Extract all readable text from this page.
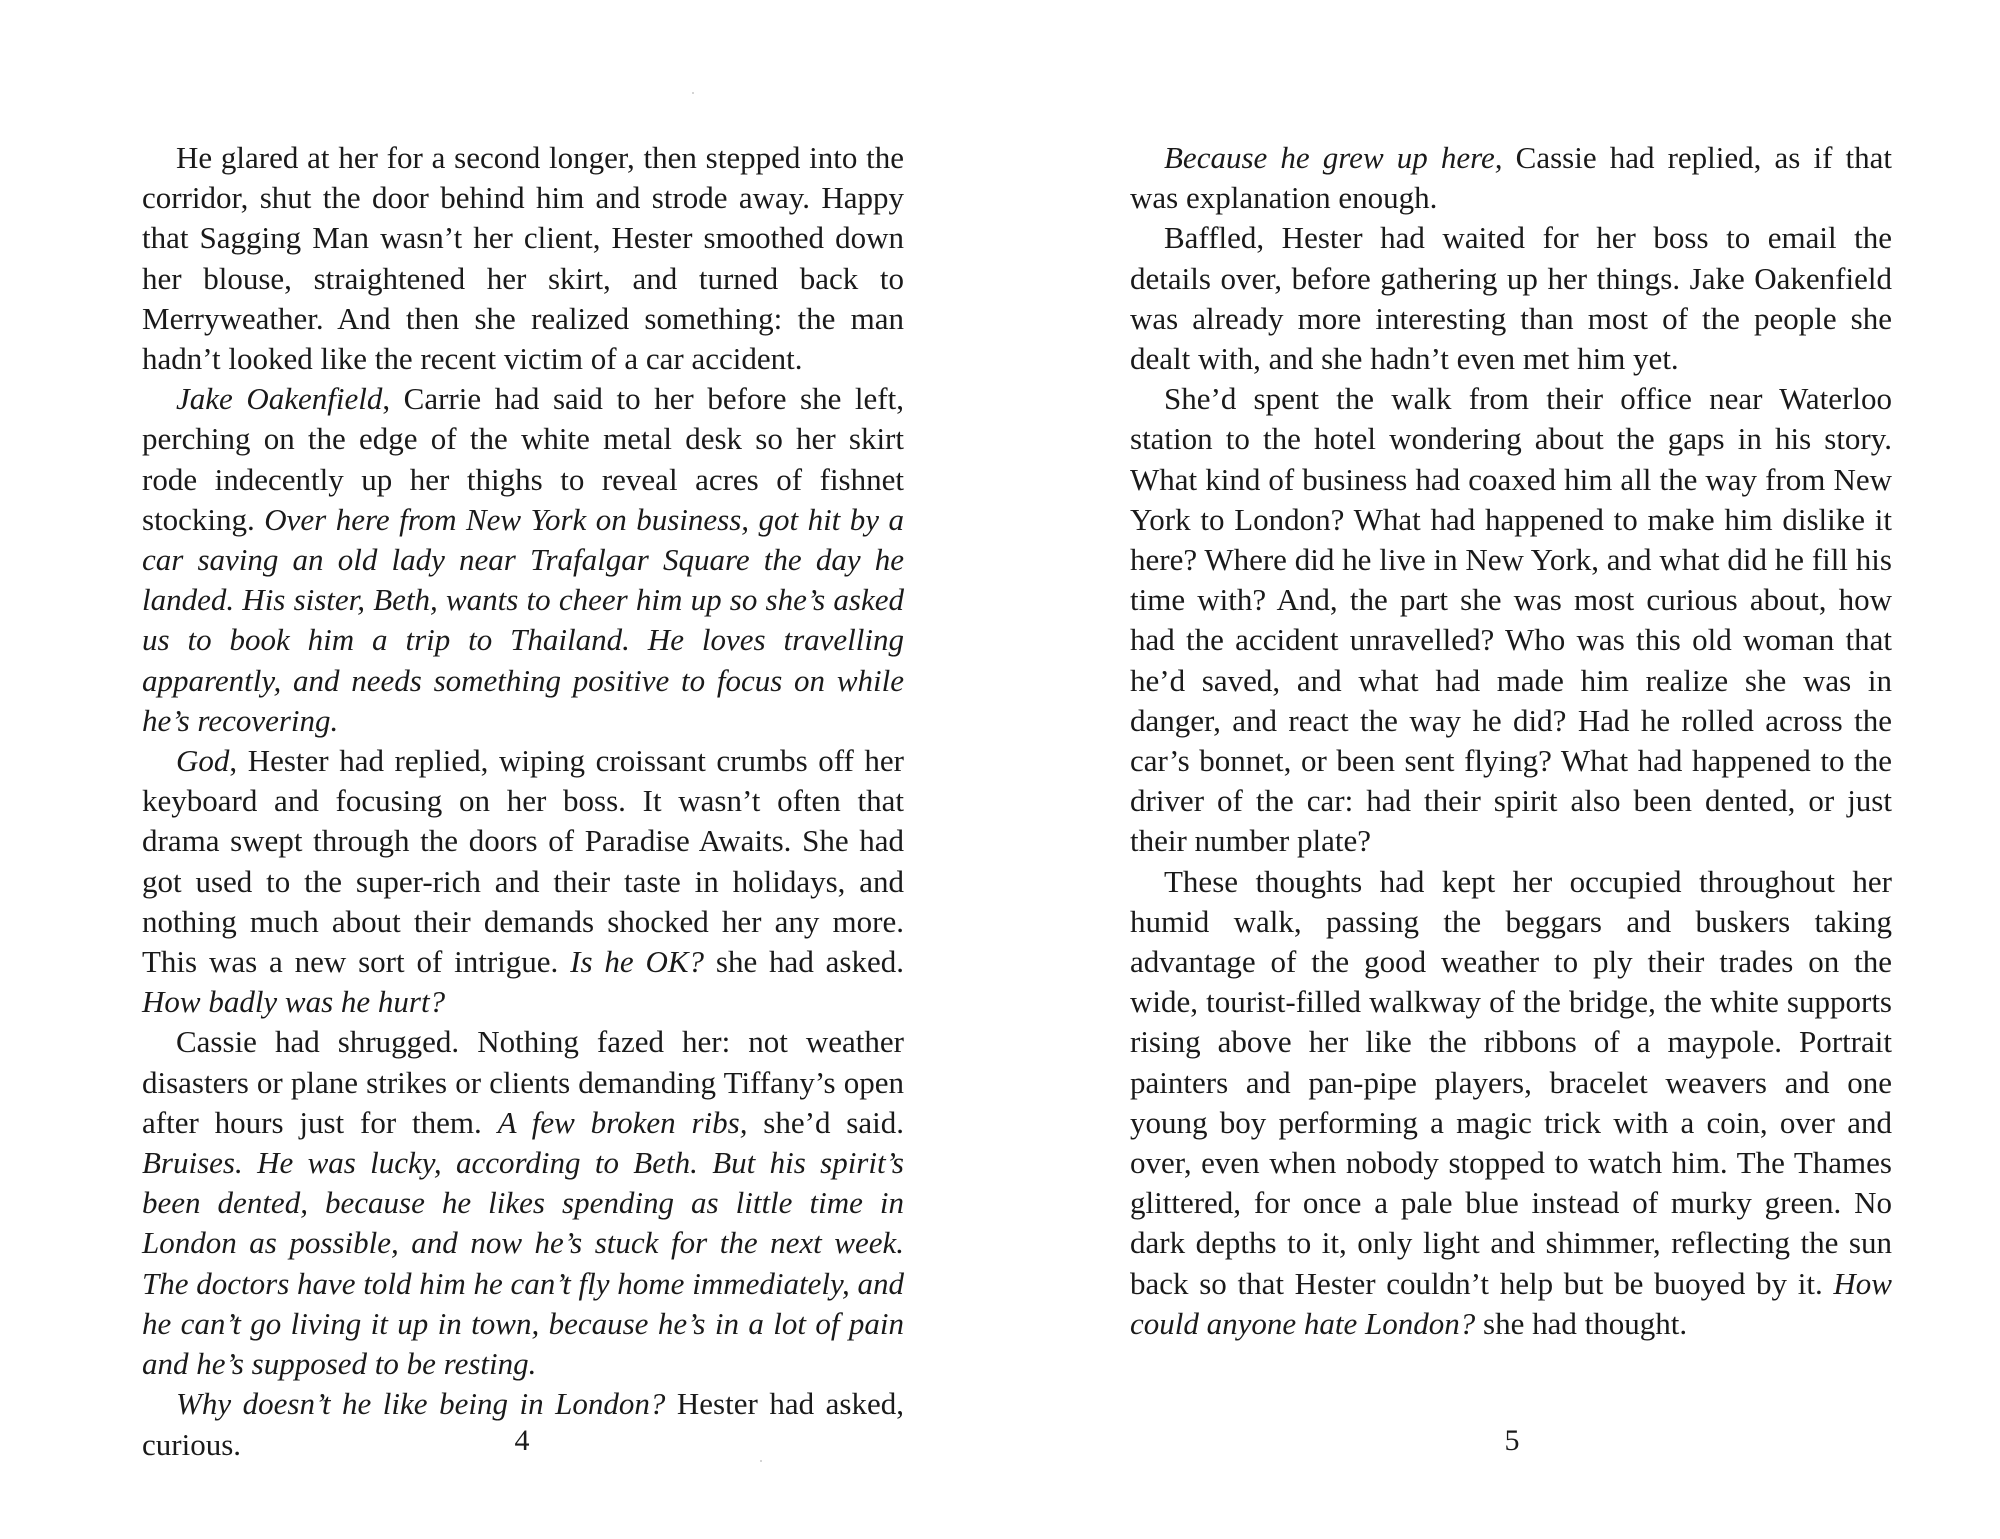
He glared at her for a second longer, then stepped into the corridor, shut the door behind him and strode away. Happy that Sagging Man wasn’t her client, Hester smoothed down her blouse, straightened her skirt, and turned back to Merryweather. And then she realized something: the man hadn’t looked like the recent victim of a car accident.

Jake Oakenfield, Carrie had said to her before she left, perching on the edge of the white metal desk so her skirt rode indecently up her thighs to reveal acres of fishnet stocking. Over here from New York on business, got hit by a car saving an old lady near Trafalgar Square the day he landed. His sister, Beth, wants to cheer him up so she’s asked us to book him a trip to Thailand. He loves travelling apparently, and needs something positive to focus on while he’s recovering.

God, Hester had replied, wiping croissant crumbs off her keyboard and focusing on her boss. It wasn’t often that drama swept through the doors of Paradise Awaits. She had got used to the super-rich and their taste in holidays, and nothing much about their demands shocked her any more. This was a new sort of intrigue. Is he OK? she had asked. How badly was he hurt?

Cassie had shrugged. Nothing fazed her: not weather disasters or plane strikes or clients demanding Tiffany’s open after hours just for them. A few broken ribs, she’d said. Bruises. He was lucky, according to Beth. But his spirit’s been dented, because he likes spending as little time in London as possible, and now he’s stuck for the next week. The doctors have told him he can’t fly home immediately, and he can’t go living it up in town, because he’s in a lot of pain and he’s supposed to be resting.

Why doesn’t he like being in London? Hester had asked, curious.	4

Because he grew up here, Cassie had replied, as if that was explanation enough.

Baffled, Hester had waited for her boss to email the details over, before gathering up her things. Jake Oakenfield was already more interesting than most of the people she dealt with, and she hadn’t even met him yet.

She’d spent the walk from their office near Waterloo station to the hotel wondering about the gaps in his story. What kind of business had coaxed him all the way from New York to London? What had happened to make him dislike it here? Where did he live in New York, and what did he fill his time with? And, the part she was most curious about, how had the accident unravelled? Who was this old woman that he’d saved, and what had made him realize she was in danger, and react the way he did? Had he rolled across the car’s bonnet, or been sent flying? What had happened to the driver of the car: had their spirit also been dented, or just their number plate?

These thoughts had kept her occupied throughout her humid walk, passing the beggars and buskers taking advantage of the good weather to ply their trades on the wide, tourist-filled walkway of the bridge, the white supports rising above her like the ribbons of a maypole. Portrait painters and pan-pipe players, bracelet weavers and one young boy performing a magic trick with a coin, over and over, even when nobody stopped to watch him. The Thames glittered, for once a pale blue instead of murky green. No dark depths to it, only light and shimmer, reflecting the sun back so that Hester couldn’t help but be buoyed by it. How could anyone hate London? she had thought.

5
